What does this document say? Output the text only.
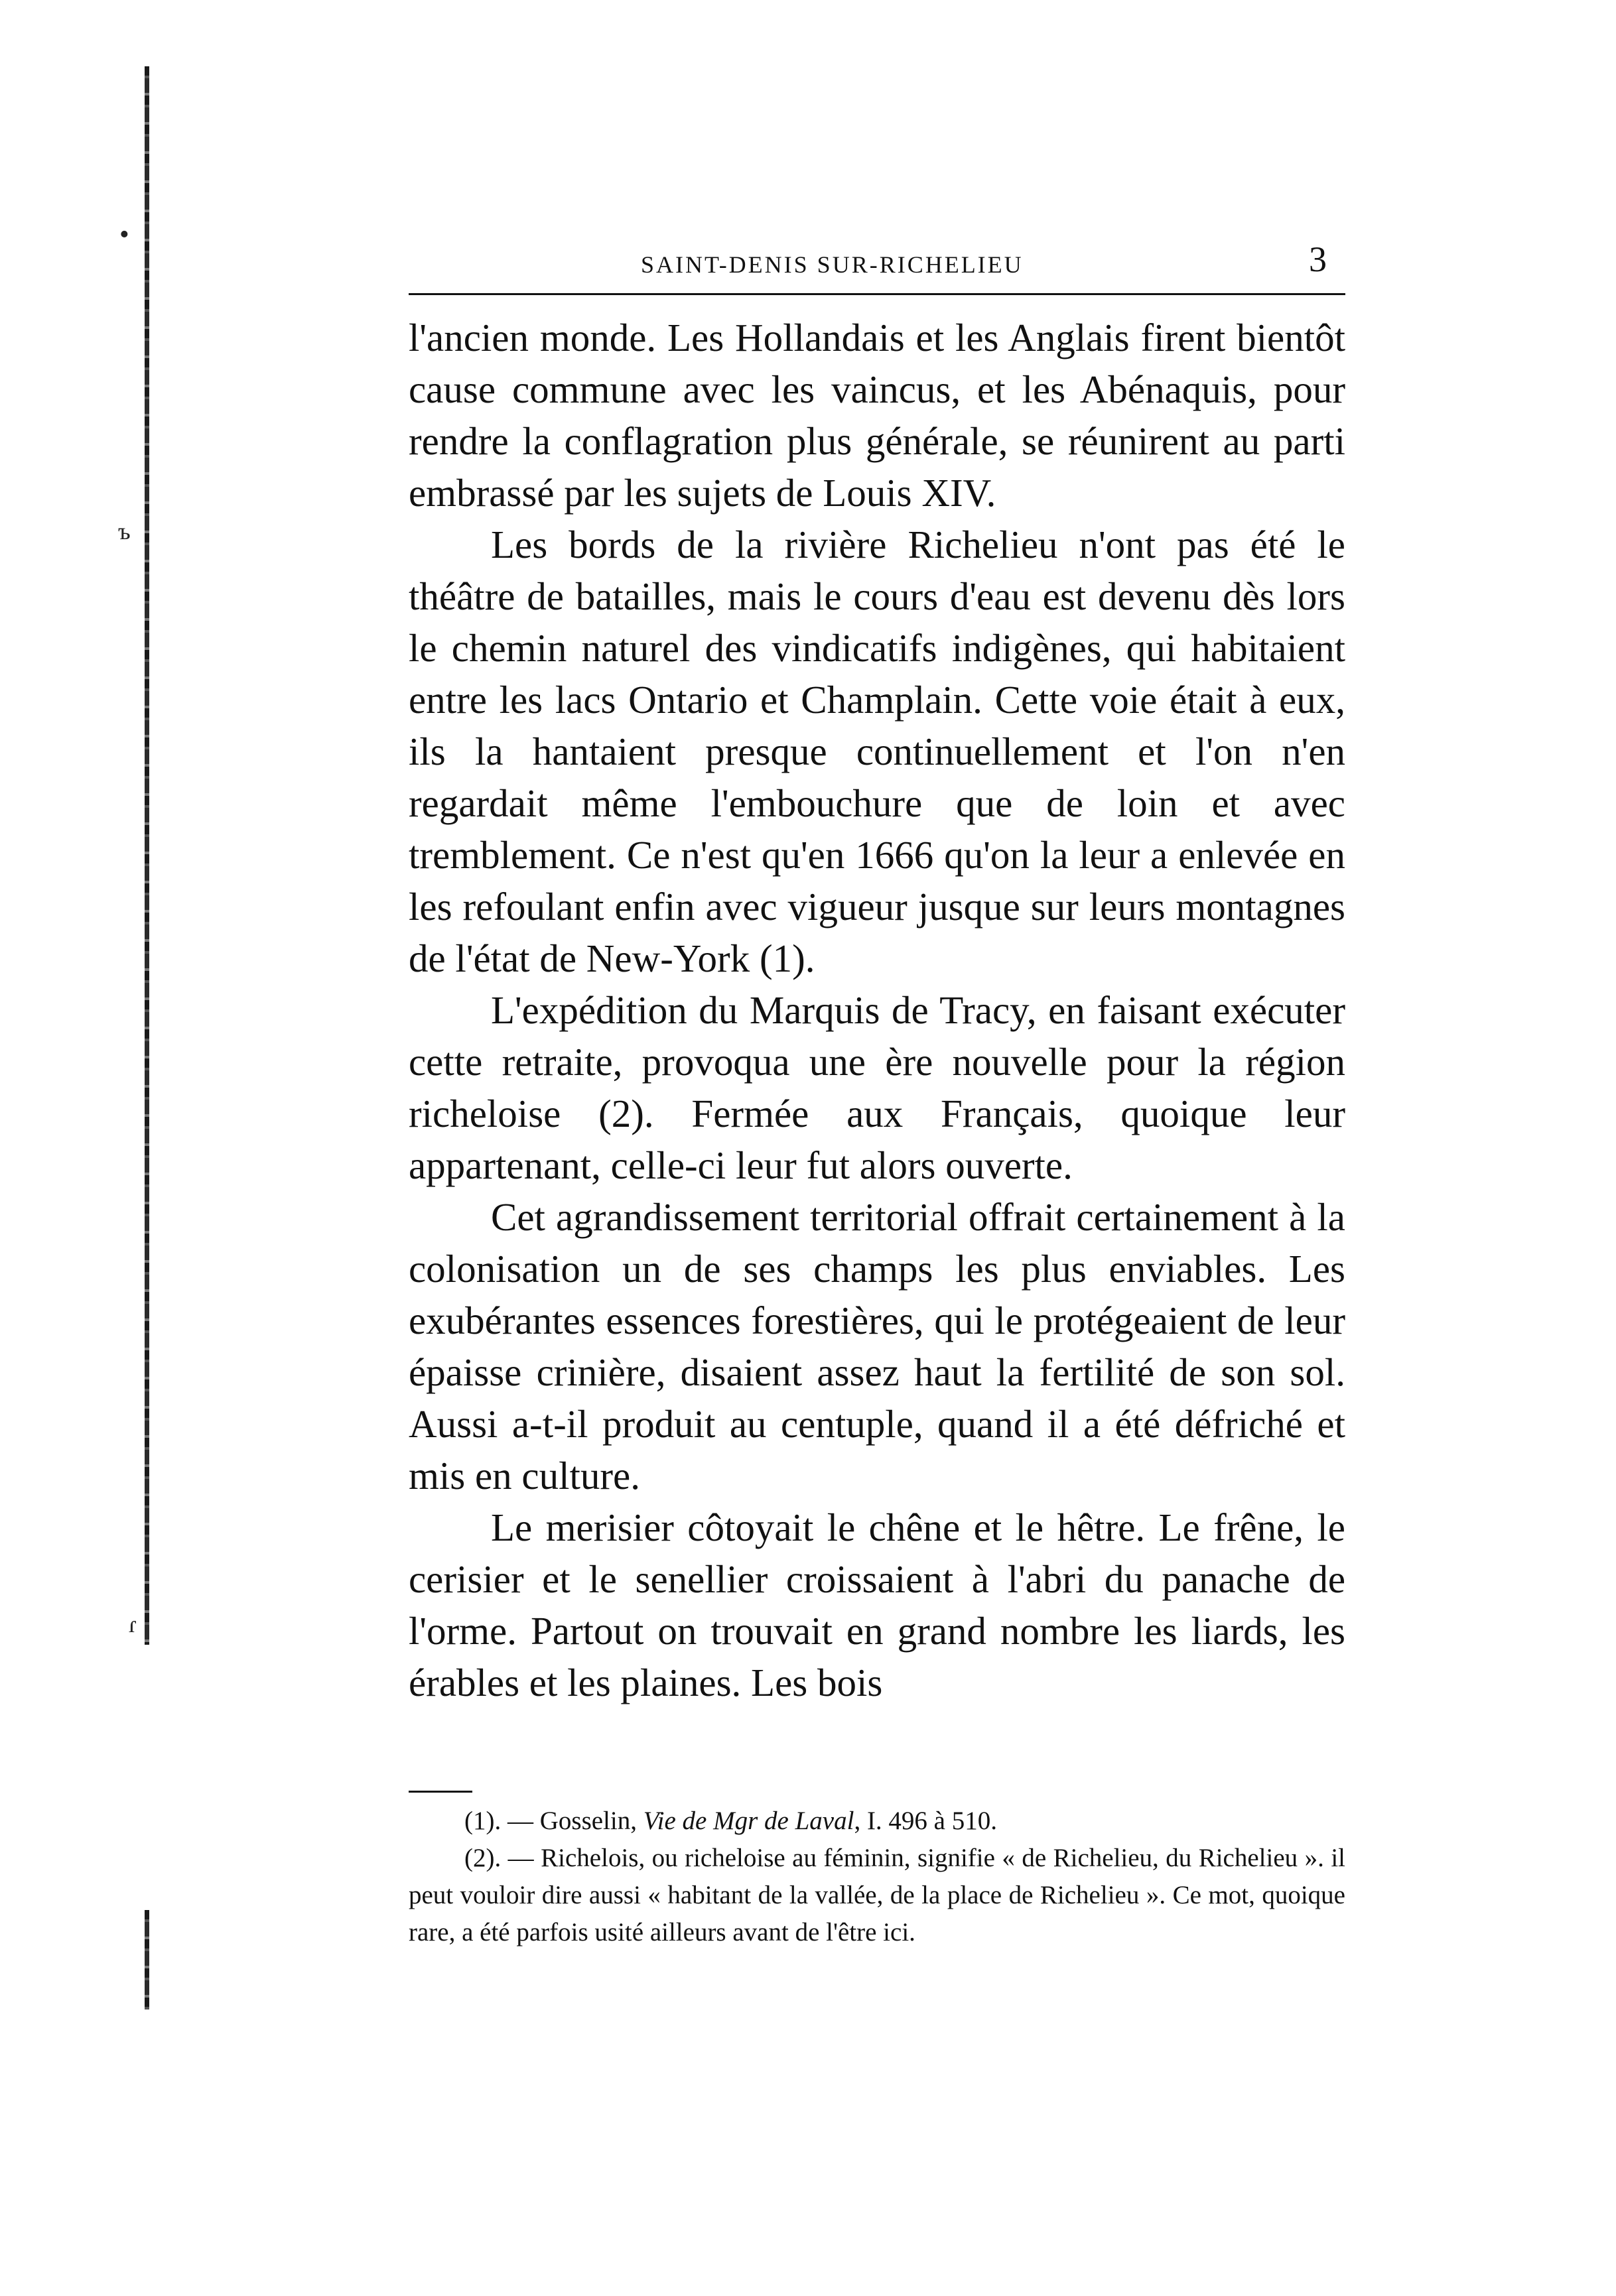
•
ъ
ɾ
SAINT-DENIS SUR-RICHELIEU	3

l'ancien monde. Les Hollandais et les Anglais firent bientôt cause commune avec les vaincus, et les Abénaquis, pour rendre la conflagration plus générale, se réunirent au parti embrassé par les sujets de Louis XIV.

Les bords de la rivière Richelieu n'ont pas été le théâtre de batailles, mais le cours d'eau est devenu dès lors le chemin naturel des vindicatifs indigènes, qui habitaient entre les lacs Ontario et Champlain. Cette voie était à eux, ils la hantaient presque continuellement et l'on n'en regardait même l'embouchure que de loin et avec tremblement. Ce n'est qu'en 1666 qu'on la leur a enlevée en les refoulant enfin avec vigueur jusque sur leurs montagnes de l'état de New-York (1).

L'expédition du Marquis de Tracy, en faisant exécuter cette retraite, provoqua une ère nouvelle pour la région richeloise (2). Fermée aux Français, quoique leur appartenant, celle-ci leur fut alors ouverte.

Cet agrandissement territorial offrait certainement à la colonisation un de ses champs les plus enviables. Les exubérantes essences forestières, qui le protégeaient de leur épaisse crinière, disaient assez haut la fertilité de son sol. Aussi a-t-il produit au centuple, quand il a été défriché et mis en culture.

Le merisier côtoyait le chêne et le hêtre. Le frêne, le cerisier et le senellier croissaient à l'abri du panache de l'orme. Partout on trouvait en grand nombre les liards, les érables et les plaines. Les bois

(1). — Gosselin, Vie de Mgr de Laval, I. 496 à 510.

(2). — Richelois, ou richeloise au féminin, signifie « de Richelieu, du Richelieu ». il peut vouloir dire aussi « habitant de la vallée, de la place de Richelieu ». Ce mot, quoique rare, a été parfois usité ailleurs avant de l'être ici.
